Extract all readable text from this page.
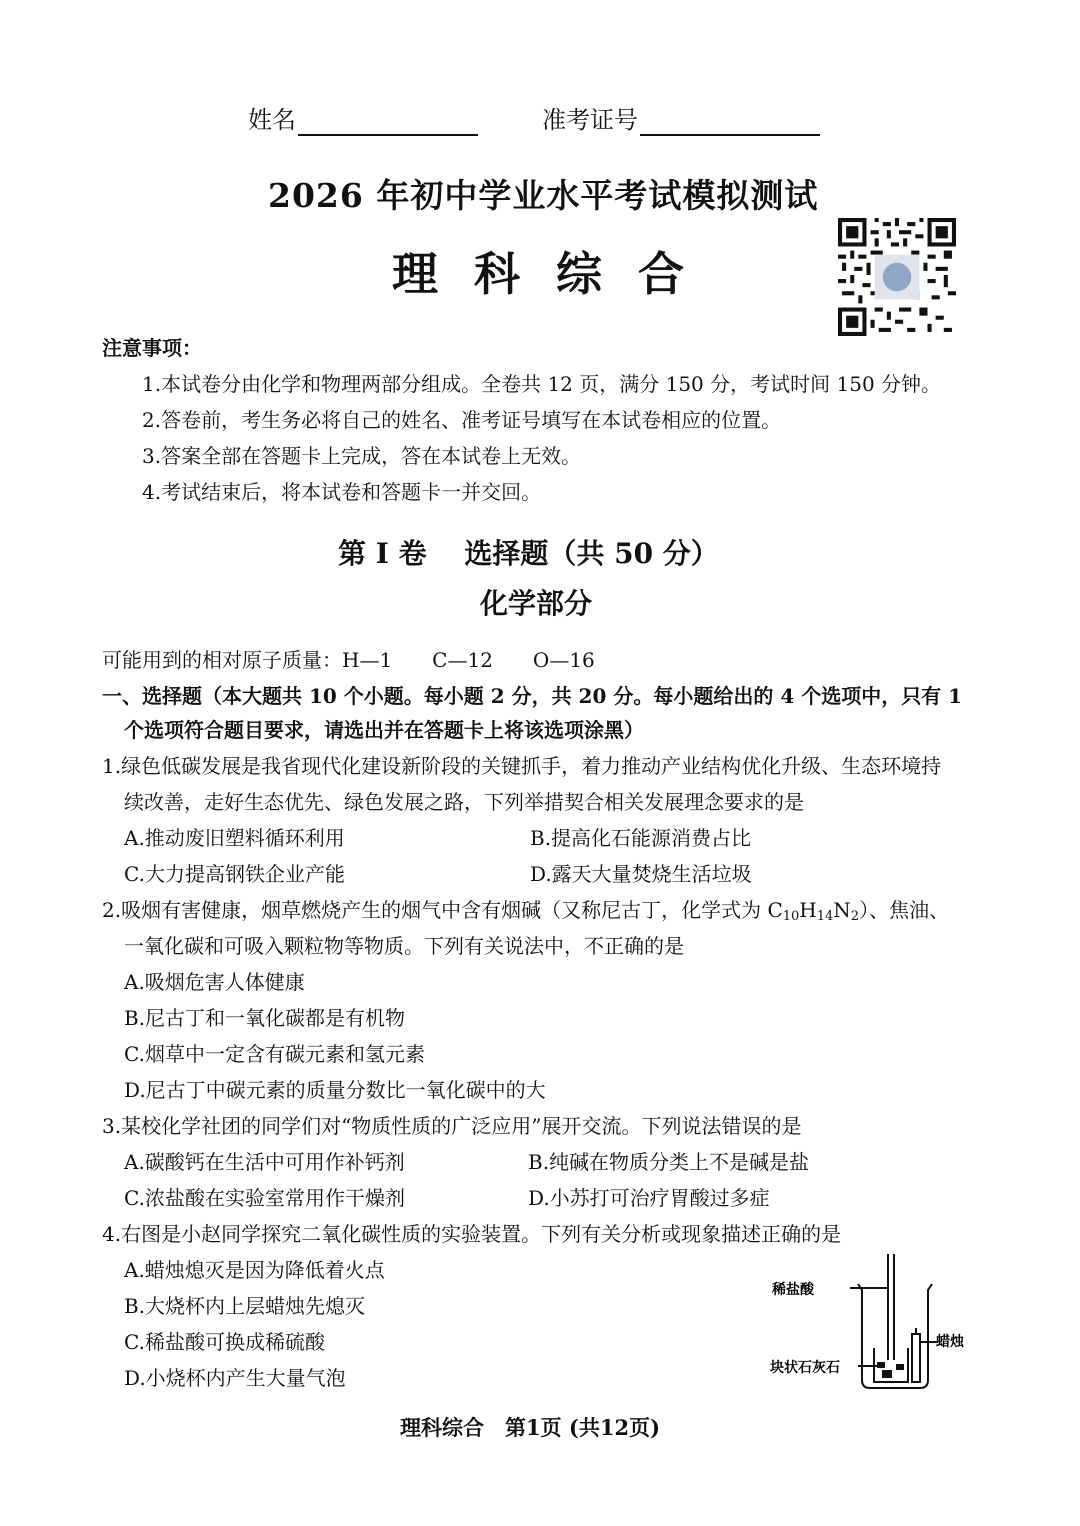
姓名	准考证号
2026 年初中学业水平考试模拟测试
理科综合
注意事项：
1.本试卷分由化学和物理两部分组成。全卷共 12 页，满分 150 分，考试时间 150 分钟。
2.答卷前，考生务必将自己的姓名、准考证号填写在本试卷相应的位置。
3.答案全部在答题卡上完成，答在本试卷上无效。
4.考试结束后，将本试卷和答题卡一并交回。
第 I 卷　 选择题（共 50 分）
化学部分
可能用到的相对原子质量：H—1　　C—12　　O—16
一、选择题（本大题共 10 个小题。每小题 2 分，共 20 分。每小题给出的 4 个选项中，只有 1
个选项符合题目要求，请选出并在答题卡上将该选项涂黑）
1.绿色低碳发展是我省现代化建设新阶段的关键抓手，着力推动产业结构优化升级、生态环境持
续改善，走好生态优先、绿色发展之路，下列举措契合相关发展理念要求的是
A.推动废旧塑料循环利用	B.提高化石能源消费占比
C.大力提高钢铁企业产能	D.露天大量焚烧生活垃圾
2.吸烟有害健康，烟草燃烧产生的烟气中含有烟碱（又称尼古丁，化学式为 $C_{10}H_{14}N_2$）、焦油、
一氧化碳和可吸入颗粒物等物质。下列有关说法中，不正确的是
A.吸烟危害人体健康
B.尼古丁和一氧化碳都是有机物
C.烟草中一定含有碳元素和氢元素
D.尼古丁中碳元素的质量分数比一氧化碳中的大
3.某校化学社团的同学们对“物质性质的广泛应用”展开交流。下列说法错误的是
A.碳酸钙在生活中可用作补钙剂	B.纯碱在物质分类上不是碱是盐
C.浓盐酸在实验室常用作干燥剂	D.小苏打可治疗胃酸过多症
4.右图是小赵同学探究二氧化碳性质的实验装置。下列有关分析或现象描述正确的是
A.蜡烛熄灭是因为降低着火点
B.大烧杯内上层蜡烛先熄灭
C.稀盐酸可换成稀硫酸
D.小烧杯内产生大量气泡
稀盐酸
蜡烛
块状石灰石
理科综合　第1页 (共12页)
